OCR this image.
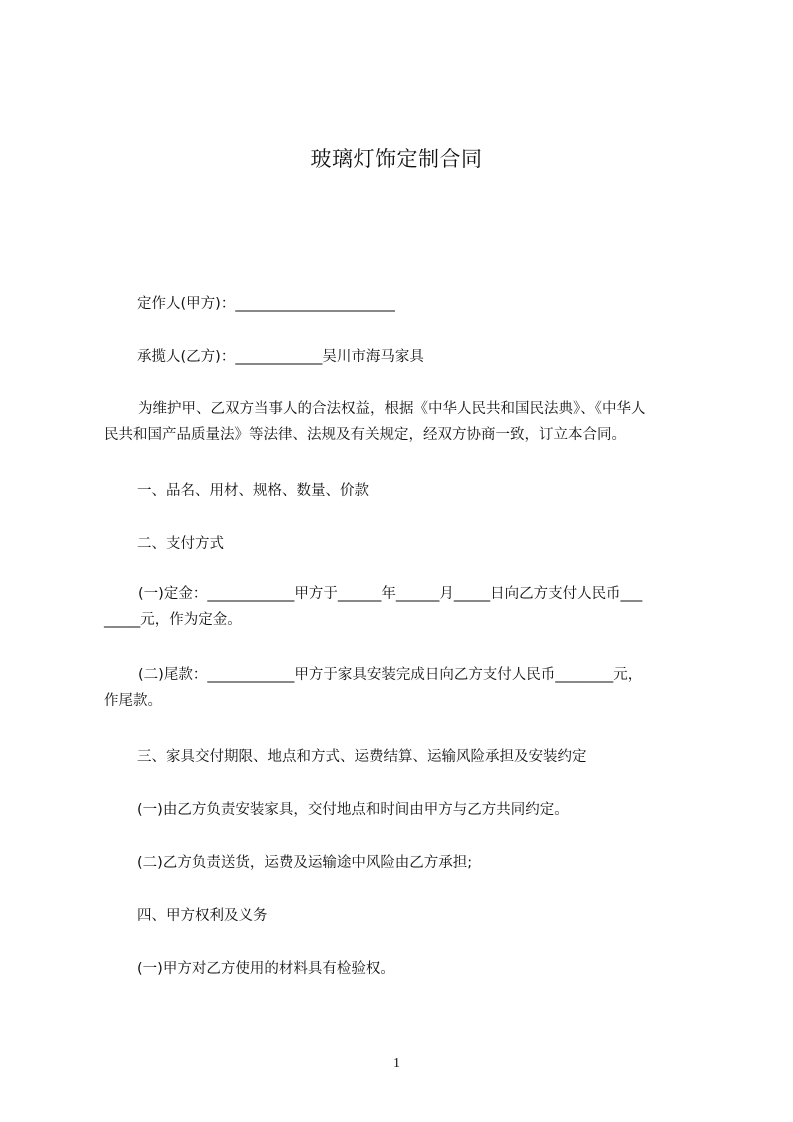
玻璃灯饰定制合同
定作人(甲方)：______________________
承揽人(乙方)：____________吴川市海马家具
为维护甲、乙双方当事人的合法权益，根据《中华人民共和国民法典》、《中华人
民共和国产品质量法》等法律、法规及有关规定，经双方协商一致，订立本合同。
一、品名、用材、规格、数量、价款
二、支付方式
(一)定金：____________甲方于______年______月_____日向乙方支付人民币___
_____元，作为定金。
(二)尾款：____________甲方于家具安装完成日向乙方支付人民币________元，
作尾款。
三、家具交付期限、地点和方式、运费结算、运输风险承担及安装约定
(一)由乙方负责安装家具，交付地点和时间由甲方与乙方共同约定。
(二)乙方负责送货，运费及运输途中风险由乙方承担;
四、甲方权利及义务
(一)甲方对乙方使用的材料具有检验权。
1
